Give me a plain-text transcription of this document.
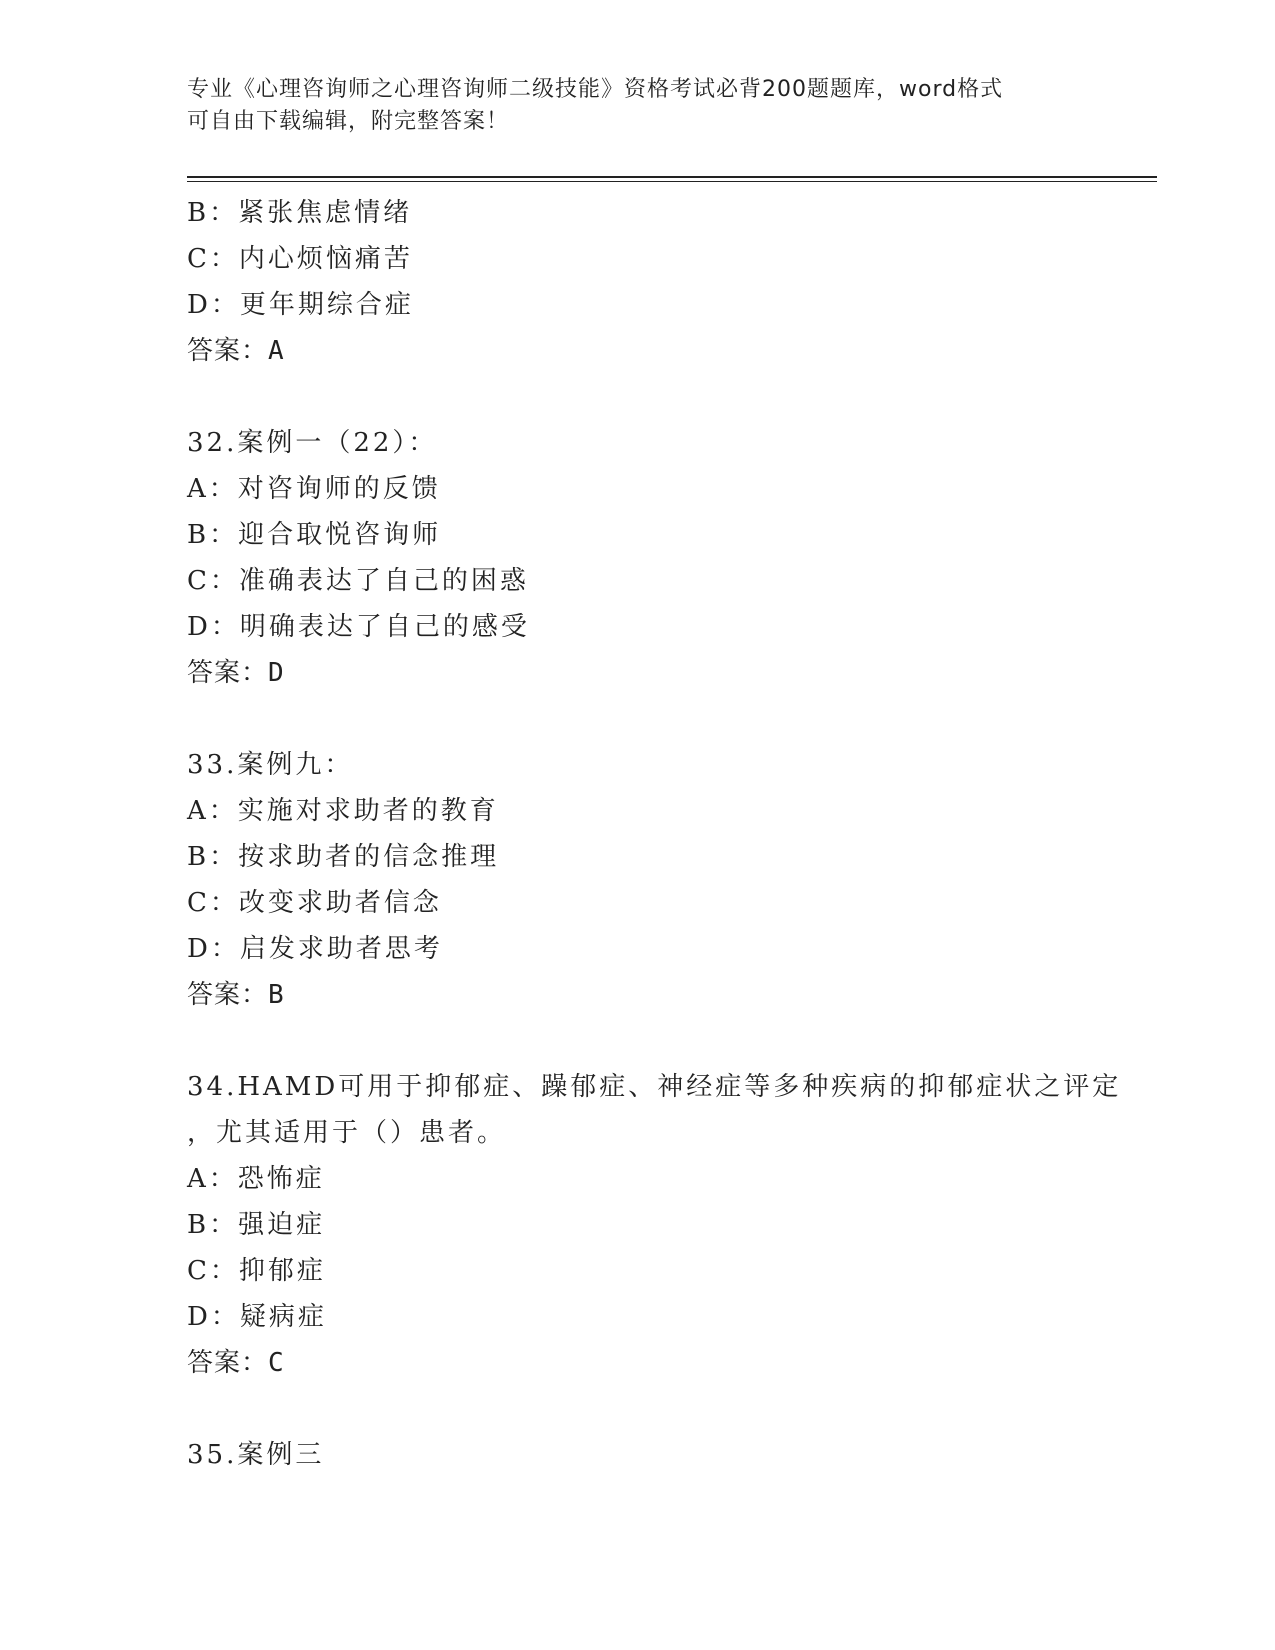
专业《心理咨询师之心理咨询师二级技能》资格考试必背200题题库，word格式
可自由下载编辑，附完整答案！
B：紧张焦虑情绪
C：内心烦恼痛苦
D：更年期综合症
答案：A
32.案例一（22）：
A：对咨询师的反馈
B：迎合取悦咨询师
C：准确表达了自己的困惑
D：明确表达了自己的感受
答案：D
33.案例九：
A：实施对求助者的教育
B：按求助者的信念推理
C：改变求助者信念
D：启发求助者思考
答案：B
34.HAMD可用于抑郁症、躁郁症、神经症等多种疾病的抑郁症状之评定
，尤其适用于（）患者。
A：恐怖症
B：强迫症
C：抑郁症
D：疑病症
答案：C
35.案例三
